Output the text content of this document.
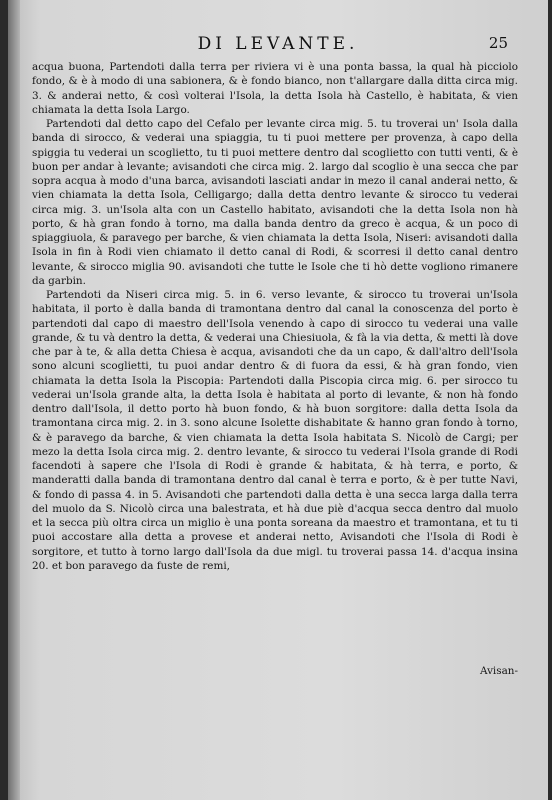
DI LEVANTE.	25

acqua buona, Partendoti dalla terra per riviera vi è una ponta bassa, la qual hà picciolo fondo, & è à modo di una sabionera, & è fondo bianco, non t'allargare dalla ditta circa mig. 3. & anderai netto, & così volterai l'Isola, la detta Isola hà Castello, è habitata, & vien chiamata la detta Isola Largo.

Partendoti dal detto capo del Cefalo per levante circa mig. 5. tu troverai un' Isola dalla banda di sirocco, & vederai una spiaggia, tu ti puoi mettere per provenza, à capo della spiggia tu vederai un scoglietto, tu ti puoi mettere dentro dal scoglietto con tutti venti, & è buon per andar à levante; avisandoti che circa mig. 2. largo dal scoglio è una secca che par sopra acqua à modo d'una barca, avisandoti lasciati andar in mezo il canal anderai netto, & vien chiamata la detta Isola, Celligargo; dalla detta dentro levante & sirocco tu vederai circa mig. 3. un'Isola alta con un Castello habitato, avisandoti che la detta Isola non hà porto, & hà gran fondo à torno, ma dalla banda dentro da greco è acqua, & un poco di spiaggiuola, & paravego per barche, & vien chiamata la detta Isola, Niseri: avisandoti dalla Isola in fin à Rodi vien chiamato il detto canal di Rodi, & scorresi il detto canal dentro levante, & sirocco miglia 90. avisandoti che tutte le Isole che ti hò dette vogliono rimanere da garbin.

Partendoti da Niseri circa mig. 5. in 6. verso levante, & sirocco tu troverai un'Isola habitata, il porto è dalla banda di tramontana dentro dal canal la conoscenza del porto è partendoti dal capo di maestro dell'Isola venendo à capo di sirocco tu vederai una valle grande, & tu và dentro la detta, & vederai una Chiesiuola, & fà la via detta, & metti là dove che par à te, & alla detta Chiesa è acqua, avisandoti che da un capo, & dall'altro dell'Isola sono alcuni scoglietti, tu puoi andar dentro & di fuora da essi, & hà gran fondo, vien chiamata la detta Isola la Piscopia: Partendoti dalla Piscopia circa mig. 6. per sirocco tu vederai un'Isola grande alta, la detta Isola è habitata al porto di levante, & non hà fondo dentro dall'Isola, il detto porto hà buon fondo, & hà buon sorgitore: dalla detta Isola da tramontana circa mig. 2. in 3. sono alcune Isolette dishabitate & hanno gran fondo à torno, & è paravego da barche, & vien chiamata la detta Isola habitata S. Nicolò de Cargi; per mezo la detta Isola circa mig. 2. dentro levante, & sirocco tu vederai l'Isola grande di Rodi facendoti à sapere che l'Isola di Rodi è grande & habitata, & hà terra, e porto, & manderatti dalla banda di tramontana dentro dal canal è terra e porto, & è per tutte Navi, & fondo di passa 4. in 5. Avisandoti che partendoti dalla detta è una secca larga dalla terra del muolo da S. Nicolò circa una balestrata, et hà due piè d'acqua secca dentro dal muolo et la secca più oltra circa un miglio è una ponta soreana da maestro et tramontana, et tu ti puoi accostare alla detta a provese et anderai netto, Avisandoti che l'Isola di Rodi è sorgitore, et tutto à torno largo dall'Isola da due migl. tu troverai passa 14. d'acqua insina 20. et bon paravego da fuste de remi,

Avisan-
